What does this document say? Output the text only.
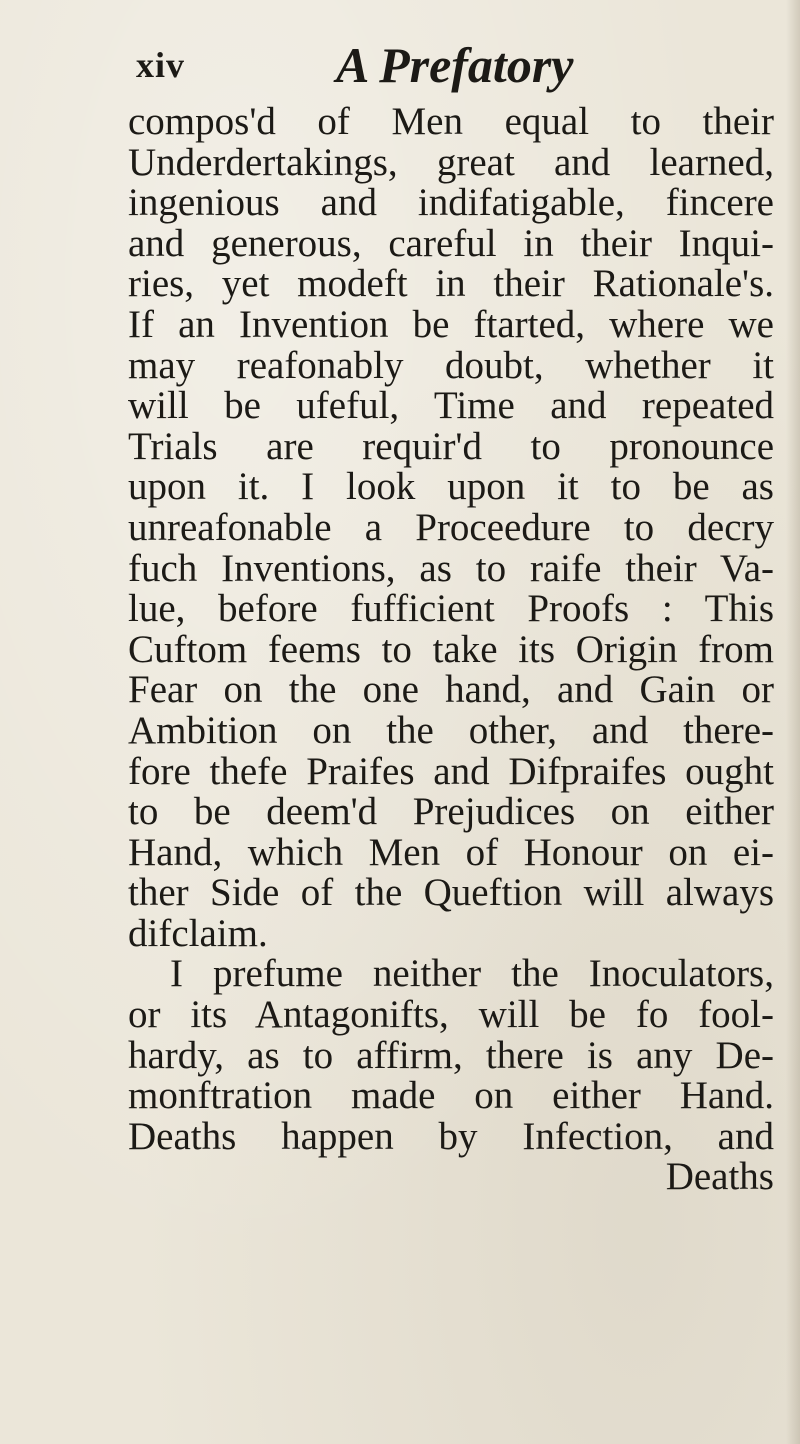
xiv	A Prefatory
compos'd of Men equal to their
Underdertakings, great and learned,
ingenious and indifatigable, fincere
and generous, careful in their Inqui-
ries, yet modeft in their Rationale's.
If an Invention be ftarted, where we
may reafonably doubt, whether it
will be ufeful, Time and repeated
Trials are requir'd to pronounce
upon it. I look upon it to be as
unreafonable a Proceedure to decry
fuch Inventions, as to raife their Va-
lue, before fufficient Proofs : This
Cuftom feems to take its Origin from
Fear on the one hand, and Gain or
Ambition on the other, and there-
fore thefe Praifes and Difpraifes ought
to be deem'd Prejudices on either
Hand, which Men of Honour on ei-
ther Side of the Queftion will always
difclaim.
I prefume neither the Inoculators,
or its Antagonifts, will be fo fool-
hardy, as to affirm, there is any De-
monftration made on either Hand.
Deaths happen by Infection, and
Deaths
